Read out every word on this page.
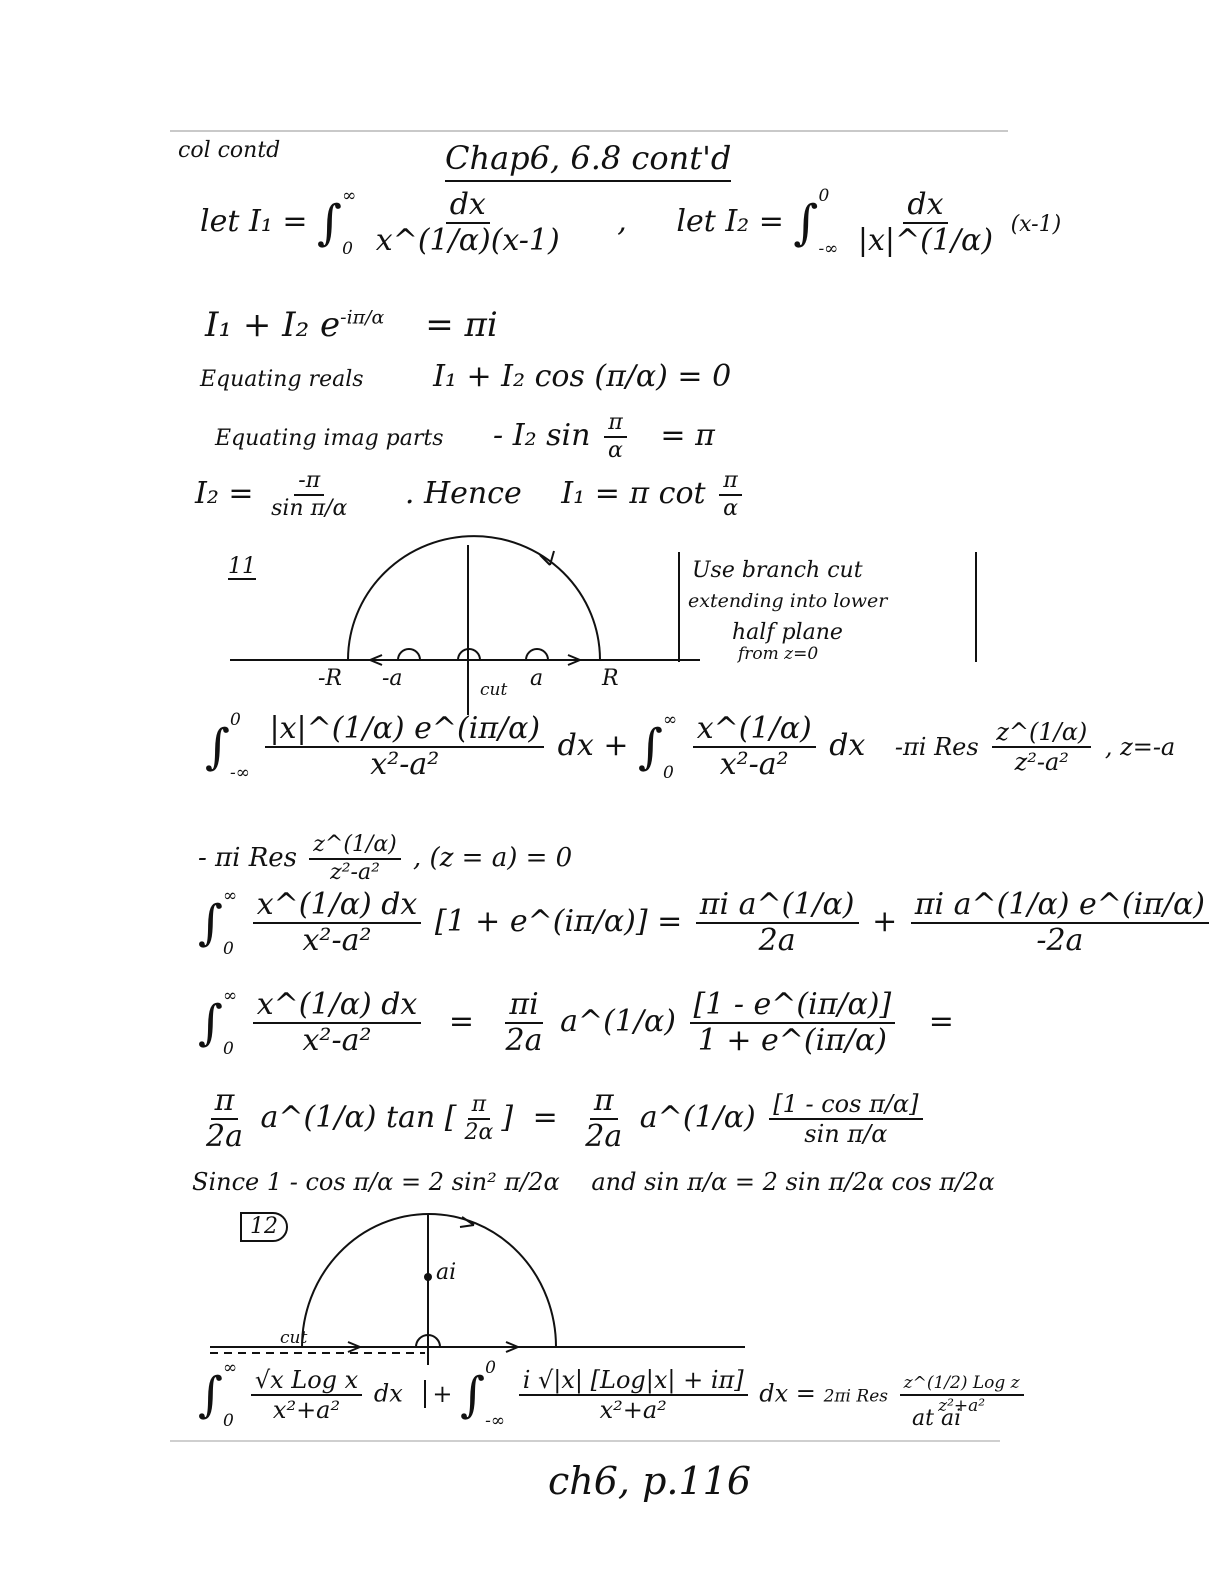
col contd	Chap6, 6.8 cont'd
let I₁ = ∫ ∞
0
$\frac{dx}{x\^{}(1/\alpha)(x-1)}$ , let I₂ = ∫ 0
-∞
$\frac{dx}{|x|\^{}(1/\alpha)} (x-1)$
I₁ + I₂ $e^{-i\pi/\alpha} = \pi i$
Equating reals I₁ + I₂ cos (π/α) = 0
Equating imag parts - I₂ $\sin \frac{\pi}{\alpha} = \pi$
$I_2 = \frac{-\pi}{\text{sin π/α}}$ . Hence I₁ = π $\cot \frac{\pi}{\alpha}$
11
-R -a	cut a	R
Use branch cut
extending into lower
half plane
from z=0
∫ 0
-∞
$\frac{|x|\^{}(1/\alpha) e\^{}(i\pi/\alpha)}{\text{x²-a²}}$ dx + ∫ ∞
0
$\frac{x\^{}(1/\alpha)}{\text{x²-a²}}$ dx -πi Res $\frac{z\^{}(1/\alpha)}{\text{z²-a²}}$ , z=-a
- πi Res $\frac{z\^{}(1/\alpha)}{\text{z²-a²}}$ , (z = a) = 0
∫ ∞
0
$\frac{x\^{}(1/\alpha) dx}{\text{x²-a²}} [1$ + e^(iπ/α)] = $\frac{\text{πi a\textasciicircum{}(1/α)}}{2a} + \frac{\text{πi a\textasciicircum{}(1/α) e\textasciicircum{}(iπ/α)}}{-2a}$
∫ ∞
0
$\frac{x\^{}(1/\alpha) dx}{\text{x²-a²}} = \frac{\pi i}{2a}$ a^(1/α) $\frac{[1 - e\^{}(i\pi/\alpha)]}{1 + e\^{}(i\pi/\alpha)}$ =
$\frac{\pi}{2a}$ a^(1/α) tan [ $\frac{\pi}{2\alpha}$ ] = $\frac{\pi}{2a}$ a^(1/α) $\frac{\text{[1 - cos π/α]}}{\text{sin π/α}}$
Since 1 - cos π/α = 2 sin² π/2α and sin π/α = 2 sin π/2α cos π/2α
12
ai
cut
∫ ∞
0
$\frac{\text{√x Log x}}{\text{x²+a²}}$ dx + ∫ 0
-∞
$\frac{\text{i √|x| [Log|x| + iπ]}}{\text{x²+a²}}$ dx = 2πi Res $\frac{\text{z\textasciicircum{}(1/2) Log z}}{\text{z²+a²}}$
at ai
ch6, p.116
